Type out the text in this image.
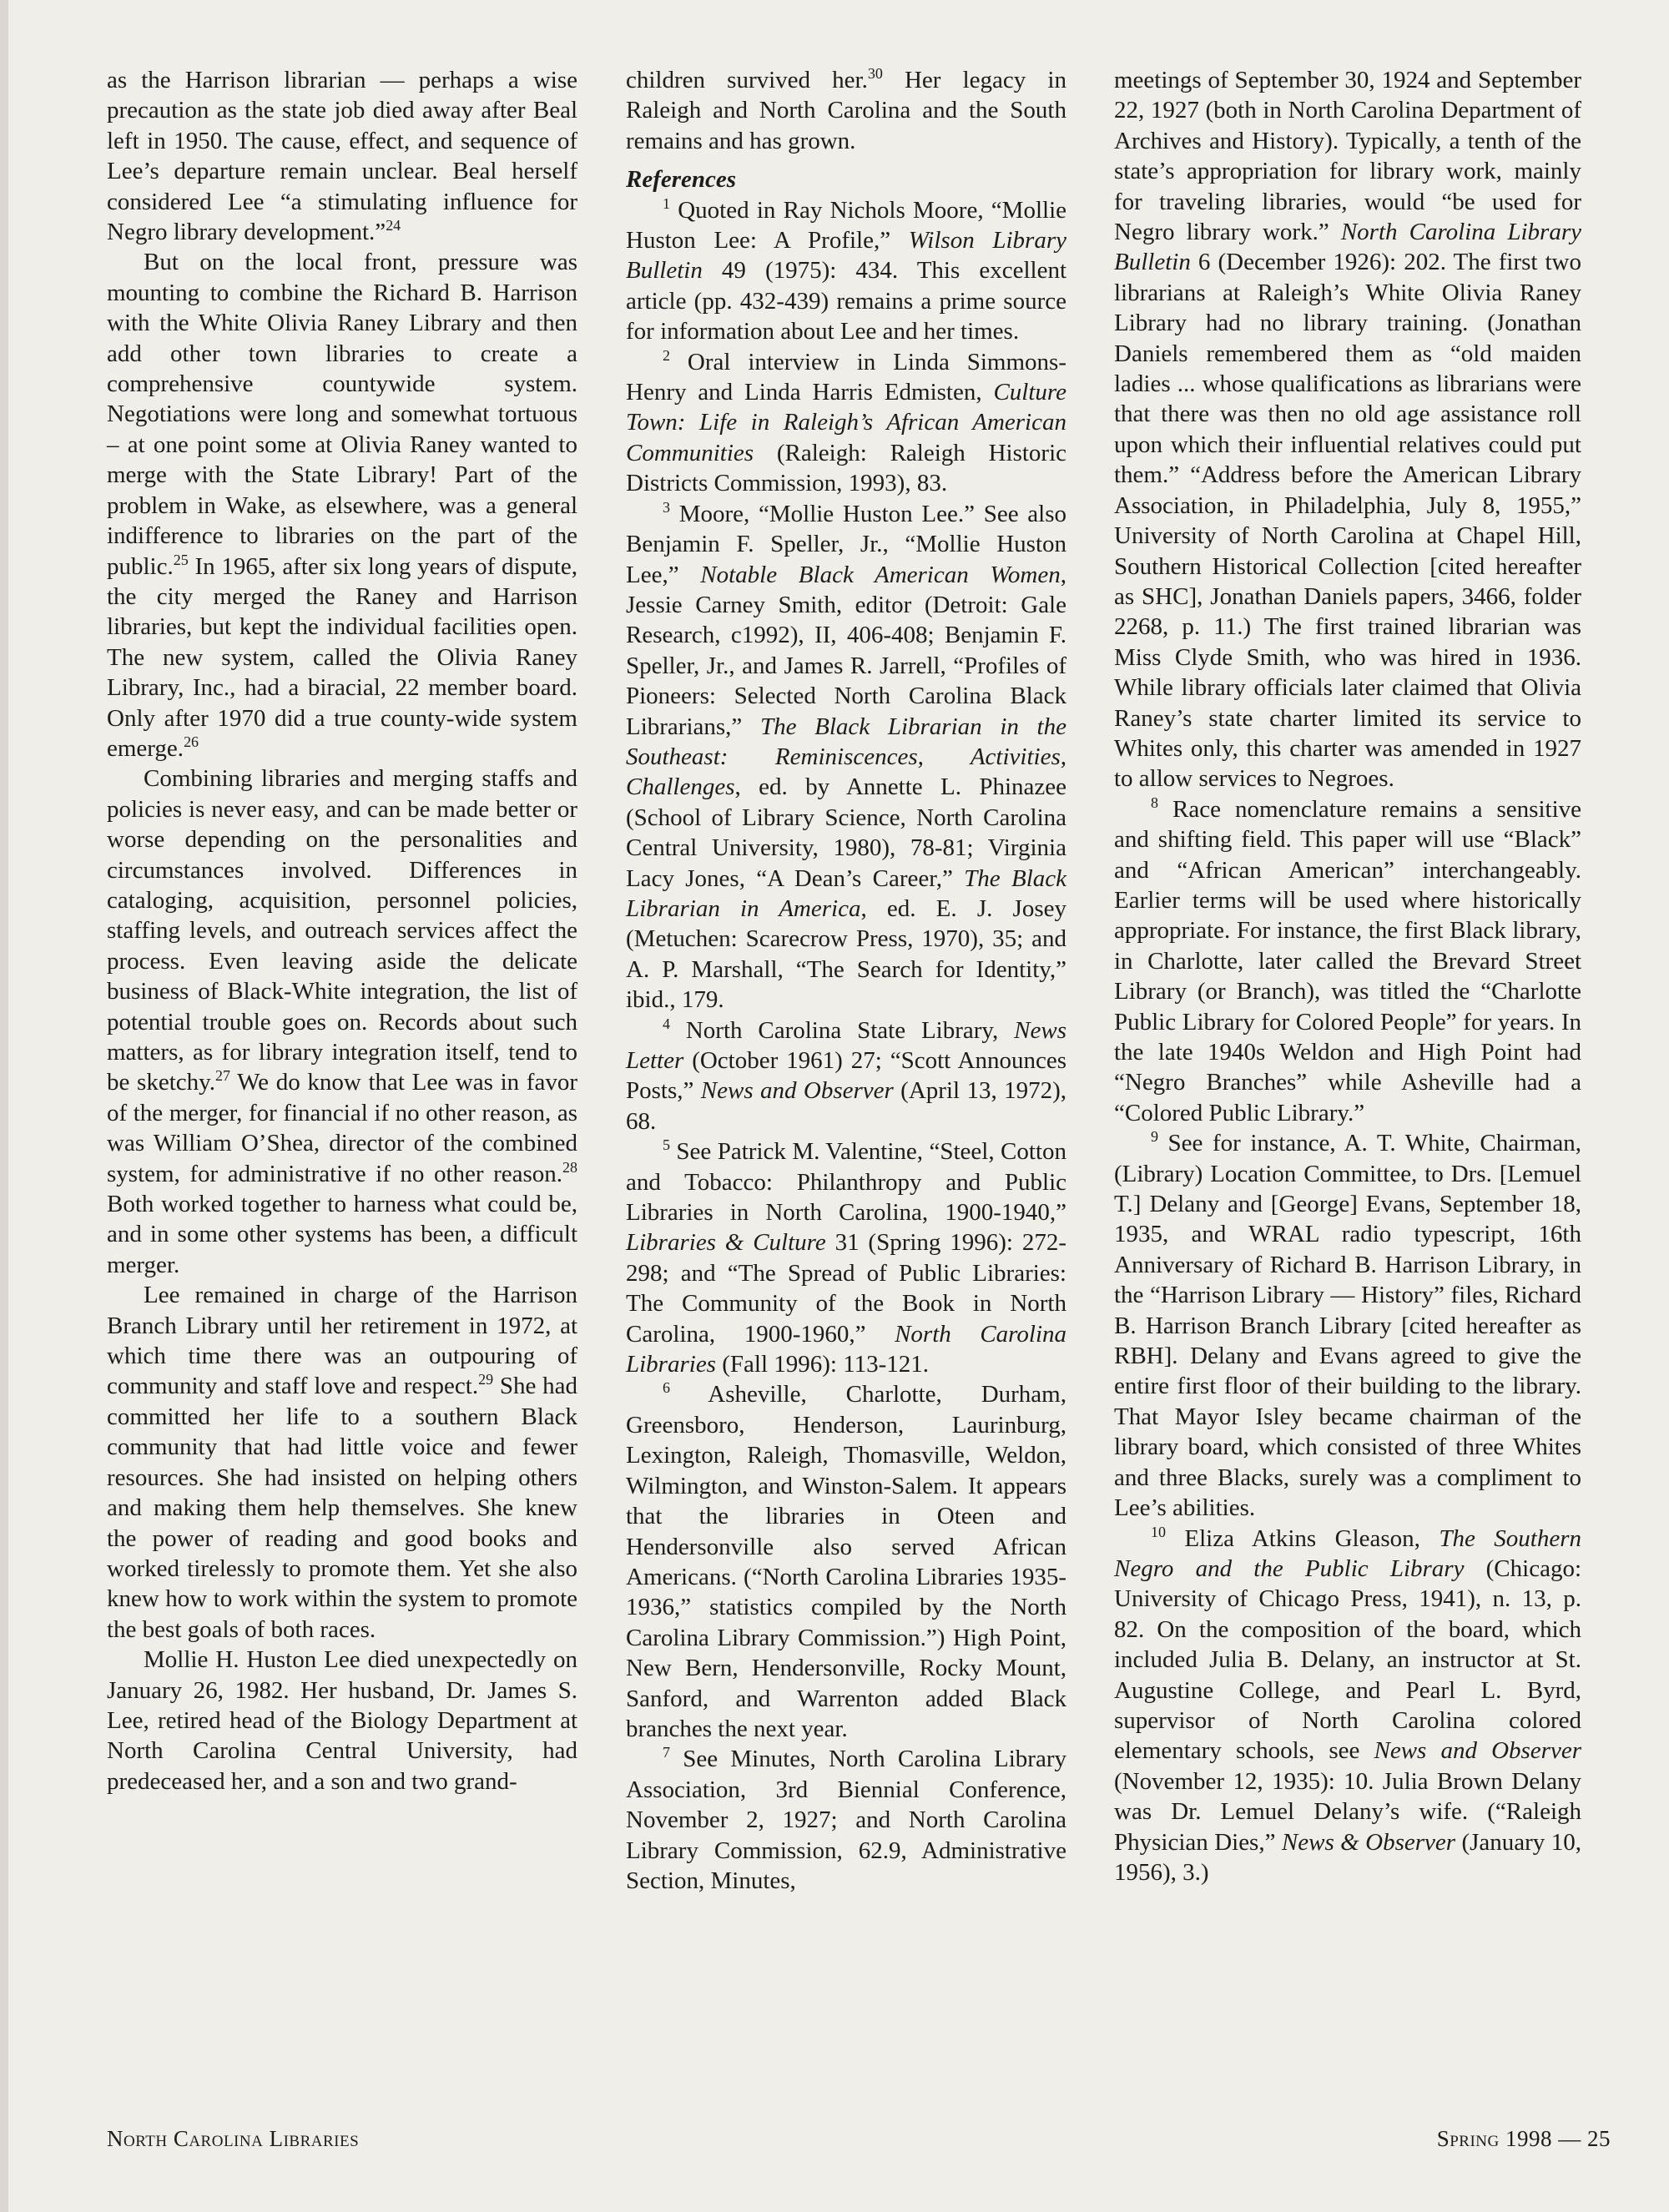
as the Harrison librarian — perhaps a wise precaution as the state job died away after Beal left in 1950. The cause, effect, and sequence of Lee’s departure remain unclear. Beal herself considered Lee “a stimulating influence for Negro library development.”$^{24}$

But on the local front, pressure was mounting to combine the Richard B. Harrison with the White Olivia Raney Library and then add other town libraries to create a comprehensive countywide system. Negotiations were long and somewhat tortuous – at one point some at Olivia Raney wanted to merge with the State Library! Part of the problem in Wake, as elsewhere, was a general indifference to libraries on the part of the public.$^{25}$ In 1965, after six long years of dispute, the city merged the Raney and Harrison libraries, but kept the individual facilities open. The new system, called the Olivia Raney Library, Inc., had a biracial, 22 member board. Only after 1970 did a true county-wide system emerge.$^{26}$

Combining libraries and merging staffs and policies is never easy, and can be made better or worse depending on the personalities and circumstances involved. Differences in cataloging, acquisition, personnel policies, staffing levels, and outreach services affect the process. Even leaving aside the delicate business of Black-White integration, the list of potential trouble goes on. Records about such matters, as for library integration itself, tend to be sketchy.$^{27}$ We do know that Lee was in favor of the merger, for financial if no other reason, as was William O’Shea, director of the combined system, for administrative if no other reason.$^{28}$ Both worked together to harness what could be, and in some other systems has been, a difficult merger.

Lee remained in charge of the Harrison Branch Library until her retirement in 1972, at which time there was an outpouring of community and staff love and respect.$^{29}$ She had committed her life to a southern Black community that had little voice and fewer resources. She had insisted on helping others and making them help themselves. She knew the power of reading and good books and worked tirelessly to promote them. Yet she also knew how to work within the system to promote the best goals of both races.

Mollie H. Huston Lee died unexpectedly on January 26, 1982. Her husband, Dr. James S. Lee, retired head of the Biology Department at North Carolina Central University, had predeceased her, and a son and two grand-

children survived her.$^{30}$ Her legacy in Raleigh and North Carolina and the South remains and has grown.

References

$^1$ Quoted in Ray Nichols Moore, “Mollie Huston Lee: A Profile,” Wilson Library Bulletin 49 (1975): 434. This excellent article (pp. 432-439) remains a prime source for information about Lee and her times.

$^2$ Oral interview in Linda Simmons-Henry and Linda Harris Edmisten, Culture Town: Life in Raleigh’s African American Communities (Raleigh: Raleigh Historic Districts Commission, 1993), 83.

$^3$ Moore, “Mollie Huston Lee.” See also Benjamin F. Speller, Jr., “Mollie Huston Lee,” Notable Black American Women, Jessie Carney Smith, editor (Detroit: Gale Research, c1992), II, 406-408; Benjamin F. Speller, Jr., and James R. Jarrell, “Profiles of Pioneers: Selected North Carolina Black Librarians,” The Black Librarian in the Southeast: Reminiscences, Activities, Challenges, ed. by Annette L. Phinazee (School of Library Science, North Carolina Central University, 1980), 78-81; Virginia Lacy Jones, “A Dean’s Career,” The Black Librarian in America, ed. E. J. Josey (Metuchen: Scarecrow Press, 1970), 35; and A. P. Marshall, “The Search for Identity,” ibid., 179.

$^4$ North Carolina State Library, News Letter (October 1961) 27; “Scott Announces Posts,” News and Observer (April 13, 1972), 68.

$^5$ See Patrick M. Valentine, “Steel, Cotton and Tobacco: Philanthropy and Public Libraries in North Carolina, 1900-1940,” Libraries & Culture 31 (Spring 1996): 272-298; and “The Spread of Public Libraries: The Community of the Book in North Carolina, 1900-1960,” North Carolina Libraries (Fall 1996): 113-121.

$^6$ Asheville, Charlotte, Durham, Greensboro, Henderson, Laurinburg, Lexington, Raleigh, Thomasville, Weldon, Wilmington, and Winston-Salem. It appears that the libraries in Oteen and Hendersonville also served African Americans. (“North Carolina Libraries 1935-1936,” statistics compiled by the North Carolina Library Commission.”) High Point, New Bern, Hendersonville, Rocky Mount, Sanford, and Warrenton added Black branches the next year.

$^7$ See Minutes, North Carolina Library Association, 3rd Biennial Conference, November 2, 1927; and North Carolina Library Commission, 62.9, Administrative Section, Minutes,

meetings of September 30, 1924 and September 22, 1927 (both in North Carolina Department of Archives and History). Typically, a tenth of the state’s appropriation for library work, mainly for traveling libraries, would “be used for Negro library work.” North Carolina Library Bulletin 6 (December 1926): 202. The first two librarians at Raleigh’s White Olivia Raney Library had no library training. (Jonathan Daniels remembered them as “old maiden ladies ... whose qualifications as librarians were that there was then no old age assistance roll upon which their influential relatives could put them.” “Address before the American Library Association, in Philadelphia, July 8, 1955,” University of North Carolina at Chapel Hill, Southern Historical Collection [cited hereafter as SHC], Jonathan Daniels papers, 3466, folder 2268, p. 11.) The first trained librarian was Miss Clyde Smith, who was hired in 1936. While library officials later claimed that Olivia Raney’s state charter limited its service to Whites only, this charter was amended in 1927 to allow services to Negroes.

$^8$ Race nomenclature remains a sensitive and shifting field. This paper will use “Black” and “African American” interchangeably. Earlier terms will be used where historically appropriate. For instance, the first Black library, in Charlotte, later called the Brevard Street Library (or Branch), was titled the “Charlotte Public Library for Colored People” for years. In the late 1940s Weldon and High Point had “Negro Branches” while Asheville had a “Colored Public Library.”

$^9$ See for instance, A. T. White, Chairman, (Library) Location Committee, to Drs. [Lemuel T.] Delany and [George] Evans, September 18, 1935, and WRAL radio typescript, 16th Anniversary of Richard B. Harrison Library, in the “Harrison Library — History” files, Richard B. Harrison Branch Library [cited hereafter as RBH]. Delany and Evans agreed to give the entire first floor of their building to the library. That Mayor Isley became chairman of the library board, which consisted of three Whites and three Blacks, surely was a compliment to Lee’s abilities.

$^{10}$ Eliza Atkins Gleason, The Southern Negro and the Public Library (Chicago: University of Chicago Press, 1941), n. 13, p. 82. On the composition of the board, which included Julia B. Delany, an instructor at St. Augustine College, and Pearl L. Byrd, supervisor of North Carolina colored elementary schools, see News and Observer (November 12, 1935): 10. Julia Brown Delany was Dr. Lemuel Delany’s wife. (“Raleigh Physician Dies,” News & Observer (January 10, 1956), 3.)

North Carolina Libraries	Spring 1998 — 25
